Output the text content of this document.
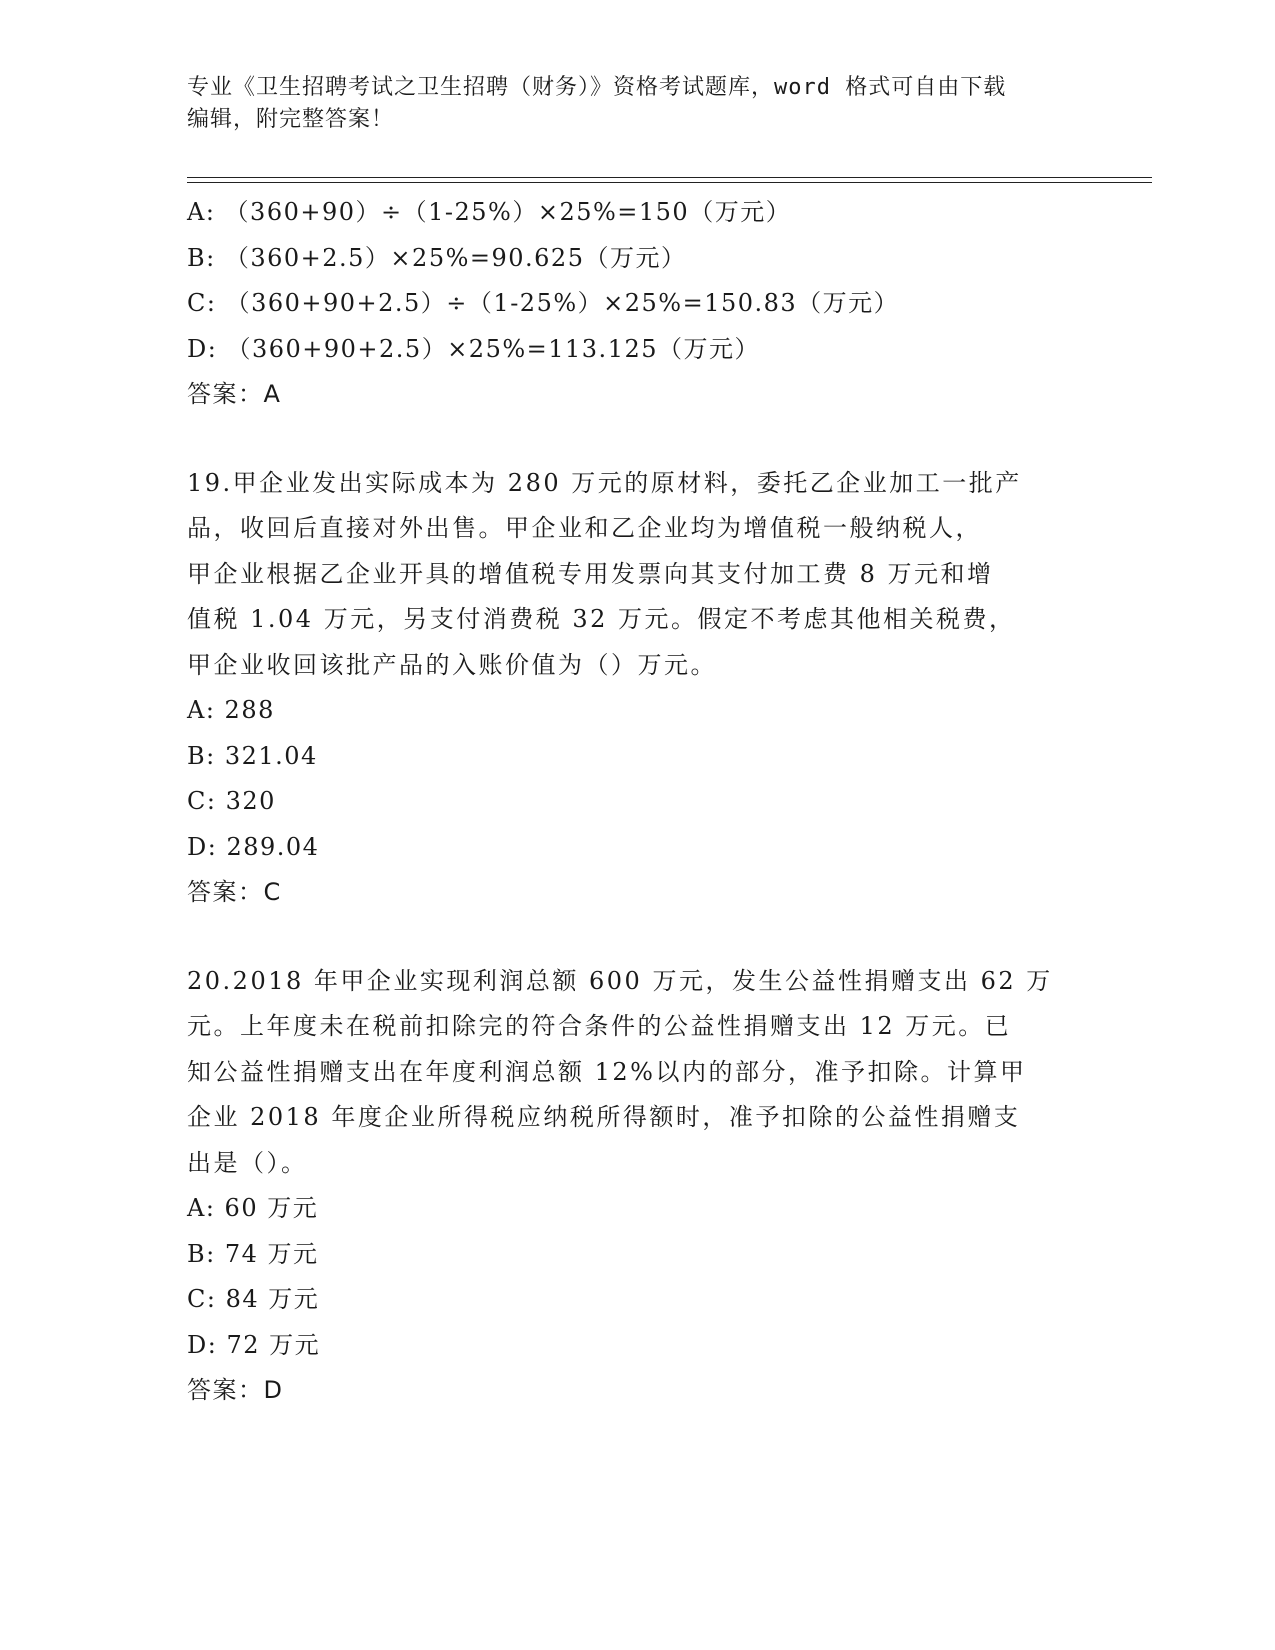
专业《卫生招聘考试之卫生招聘（财务）》资格考试题库，word 格式可自由下载
编辑，附完整答案！
A: （360+90）÷（1-25%）×25%=150（万元）
B: （360+2.5）×25%=90.625（万元）
C: （360+90+2.5）÷（1-25%）×25%=150.83（万元）
D: （360+90+2.5）×25%=113.125（万元）
答案：A
19.甲企业发出实际成本为 280 万元的原材料，委托乙企业加工一批产
品，收回后直接对外出售。甲企业和乙企业均为增值税一般纳税人，
甲企业根据乙企业开具的增值税专用发票向其支付加工费 8 万元和增
值税 1.04 万元，另支付消费税 32 万元。假定不考虑其他相关税费，
甲企业收回该批产品的入账价值为（）万元。
A: 288
B: 321.04
C: 320
D: 289.04
答案：C
20.2018 年甲企业实现利润总额 600 万元，发生公益性捐赠支出 62 万
元。上年度未在税前扣除完的符合条件的公益性捐赠支出 12 万元。已
知公益性捐赠支出在年度利润总额 12%以内的部分，准予扣除。计算甲
企业 2018 年度企业所得税应纳税所得额时，准予扣除的公益性捐赠支
出是（）。
A: 60 万元
B: 74 万元
C: 84 万元
D: 72 万元
答案：D
